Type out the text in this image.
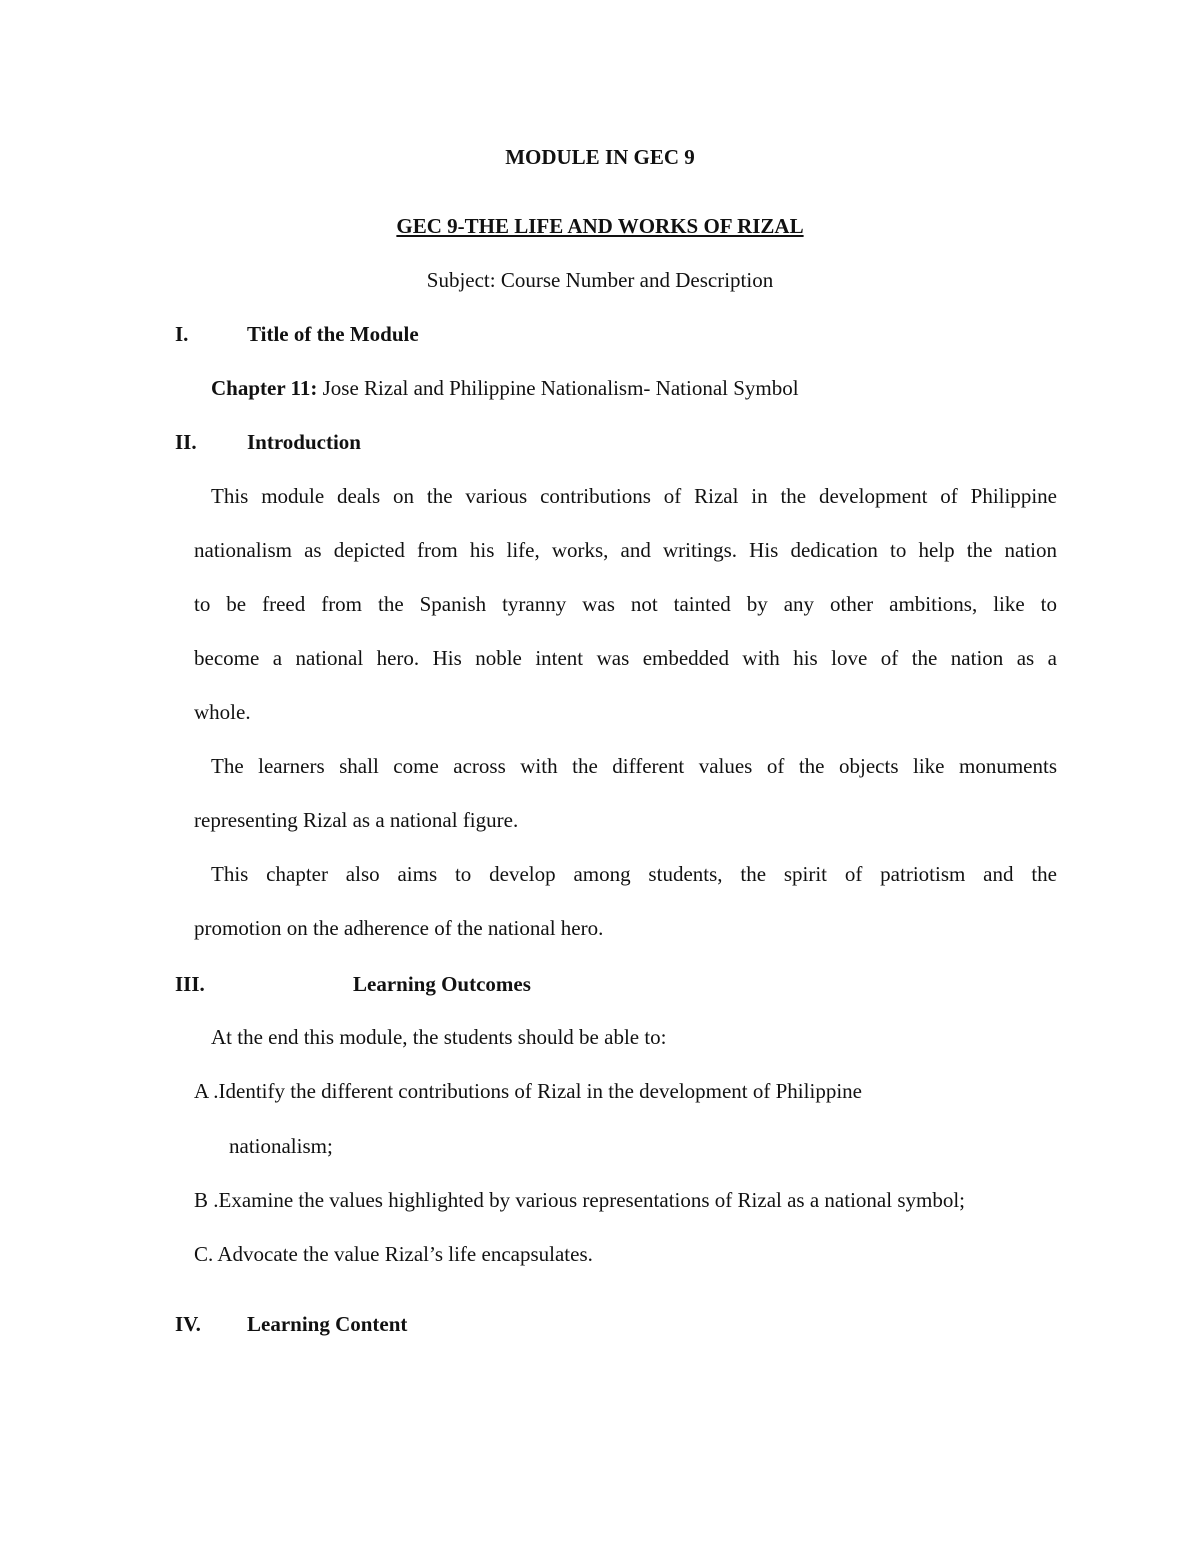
MODULE IN GEC 9
GEC 9-THE LIFE AND WORKS OF RIZAL
Subject: Course Number and Description
I.	Title of the Module
Chapter 11: Jose Rizal and Philippine Nationalism- National Symbol
II. Introduction
This module deals on the various contributions of Rizal in the development of Philippine
nationalism as depicted from his life, works, and writings. His dedication to help the nation
to be freed from the Spanish tyranny was not tainted by any other ambitions, like to
become a national hero. His noble intent was embedded with his love of the nation as a
whole.
The learners shall come across with the different values of the objects like monuments
representing Rizal as a national figure.
This chapter also aims to develop among students, the spirit of patriotism and the
promotion on the adherence of the national hero.
III.	Learning Outcomes
At the end this module, the students should be able to:
A .Identify the different contributions of Rizal in the development of Philippine
nationalism;
B .Examine the values highlighted by various representations of Rizal as a national symbol;
C. Advocate the value Rizal’s life encapsulates.
IV. Learning Content
